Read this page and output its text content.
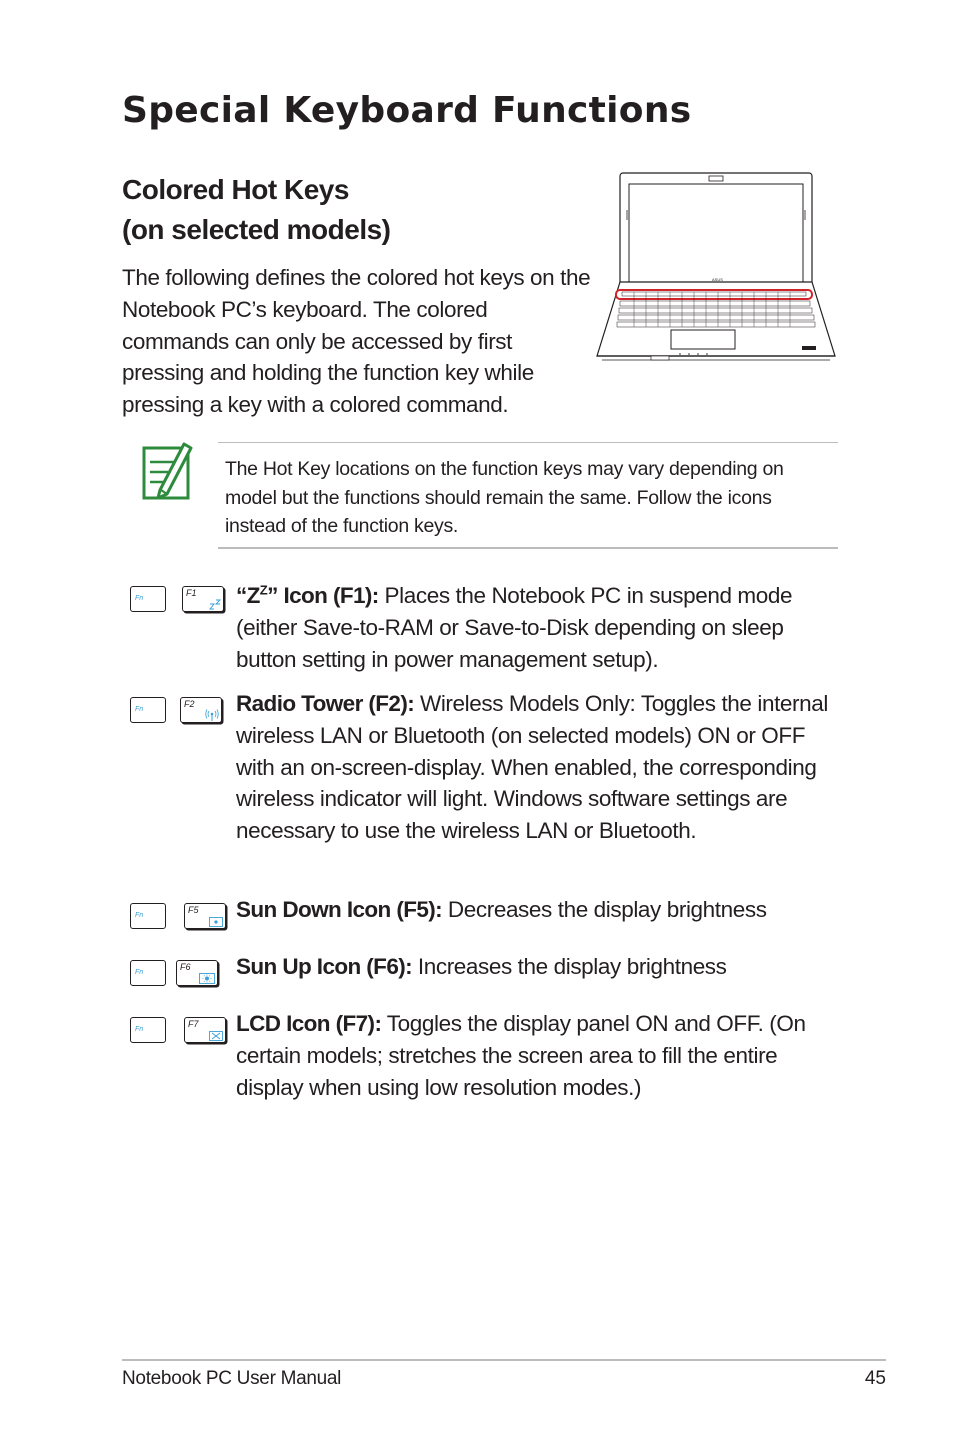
Special Keyboard Functions
Colored Hot Keys
(on selected models)

The following defines the colored hot keys on the Notebook PC’s keyboard. The colored commands can only be accessed by first pressing and holding the function key while pressing a key with a colored command.

ASUS

The Hot Key locations on the function keys may vary depending on model but the functions should remain the same. Follow the icons instead of the function keys.

Fn
F1 “$Z^Z$” Icon (F1): Places the Notebook PC in suspend mode (either Save-to-RAM or Save-to-Disk depending on sleep button setting in power management setup).

Fn
F2 Radio Tower (F2): Wireless Models Only: Toggles the internal wireless LAN or Bluetooth (on selected models) ON or OFF with an on-screen-display. When enabled, the corresponding wireless indicator will light. Windows software settings are necessary to use the wireless LAN or Bluetooth.

Fn
F5 Sun Down Icon (F5): Decreases the display brightness

Fn
F6 Sun Up Icon (F6): Increases the display brightness

Fn
F7 LCD Icon (F7): Toggles the display panel ON and OFF. (On certain models; stretches the screen area to fill the entire display when using low resolution modes.)

Notebook PC User Manual	45
